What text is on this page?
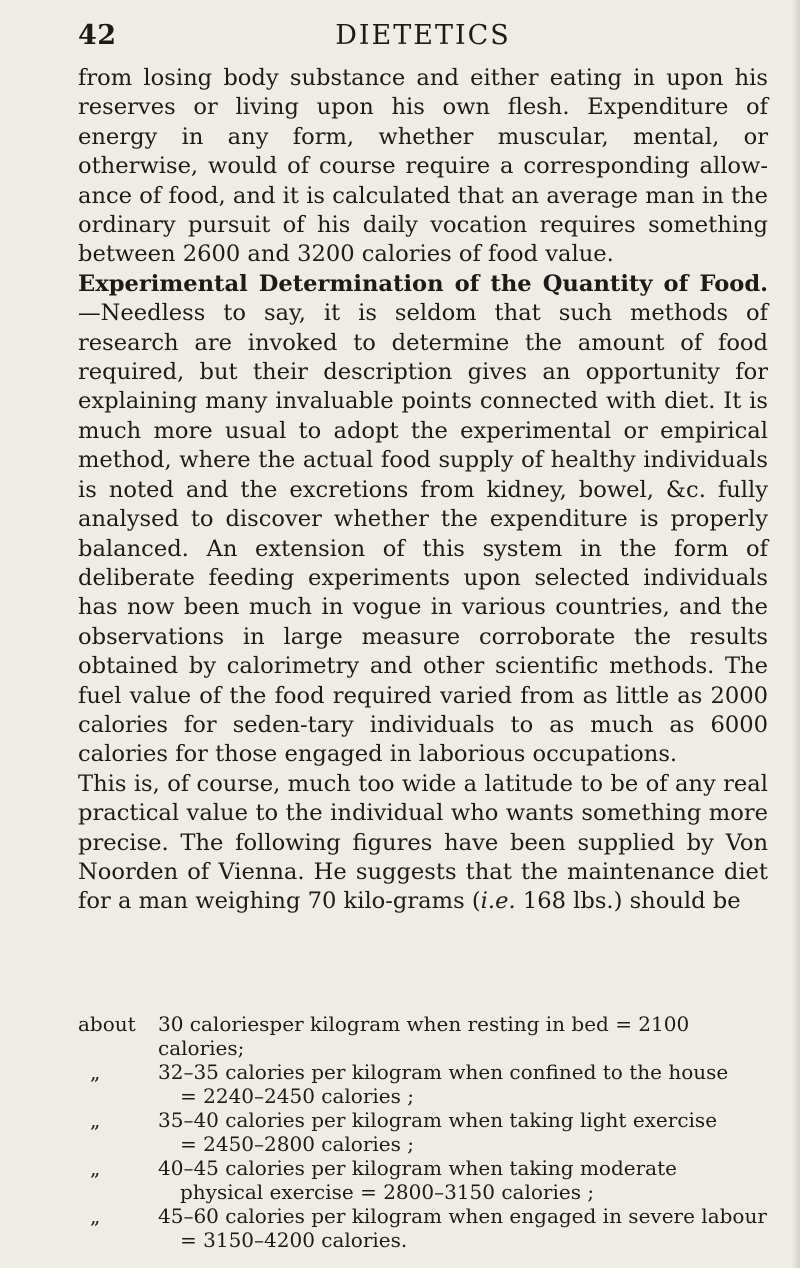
42	DIETETICS

from losing body substance and either eating in upon his reserves or living upon his own flesh. Expenditure of energy in any form, whether muscular, mental, or otherwise, would of course require a corresponding allow-ance of food, and it is calculated that an average man in the ordinary pursuit of his daily vocation requires something between 2600 and 3200 calories of food value.

Experimental Determination of the Quantity of Food.—Needless to say, it is seldom that such methods of research are invoked to determine the amount of food required, but their description gives an opportunity for explaining many invaluable points connected with diet. It is much more usual to adopt the experimental or empirical method, where the actual food supply of healthy individuals is noted and the excretions from kidney, bowel, &c. fully analysed to discover whether the expenditure is properly balanced. An extension of this system in the form of deliberate feeding experiments upon selected individuals has now been much in vogue in various countries, and the observations in large measure corroborate the results obtained by calorimetry and other scientific methods. The fuel value of the food required varied from as little as 2000 calories for seden-tary individuals to as much as 6000 calories for those engaged in laborious occupations.

This is, of course, much too wide a latitude to be of any real practical value to the individual who wants something more precise. The following figures have been supplied by Von Noorden of Vienna. He suggests that the maintenance diet for a man weighing 70 kilo-grams (i.e. 168 lbs.) should be

about	30 caloriesper kilogram when resting in bed = 2100 calories;
„	32–35 calories per kilogram when confined to the house
= 2240–2450 calories ;
„	35–40 calories per kilogram when taking light exercise
= 2450–2800 calories ;
„	40–45 calories per kilogram when taking moderate
physical exercise = 2800–3150 calories ;
„	45–60 calories per kilogram when engaged in severe labour
= 3150–4200 calories.
